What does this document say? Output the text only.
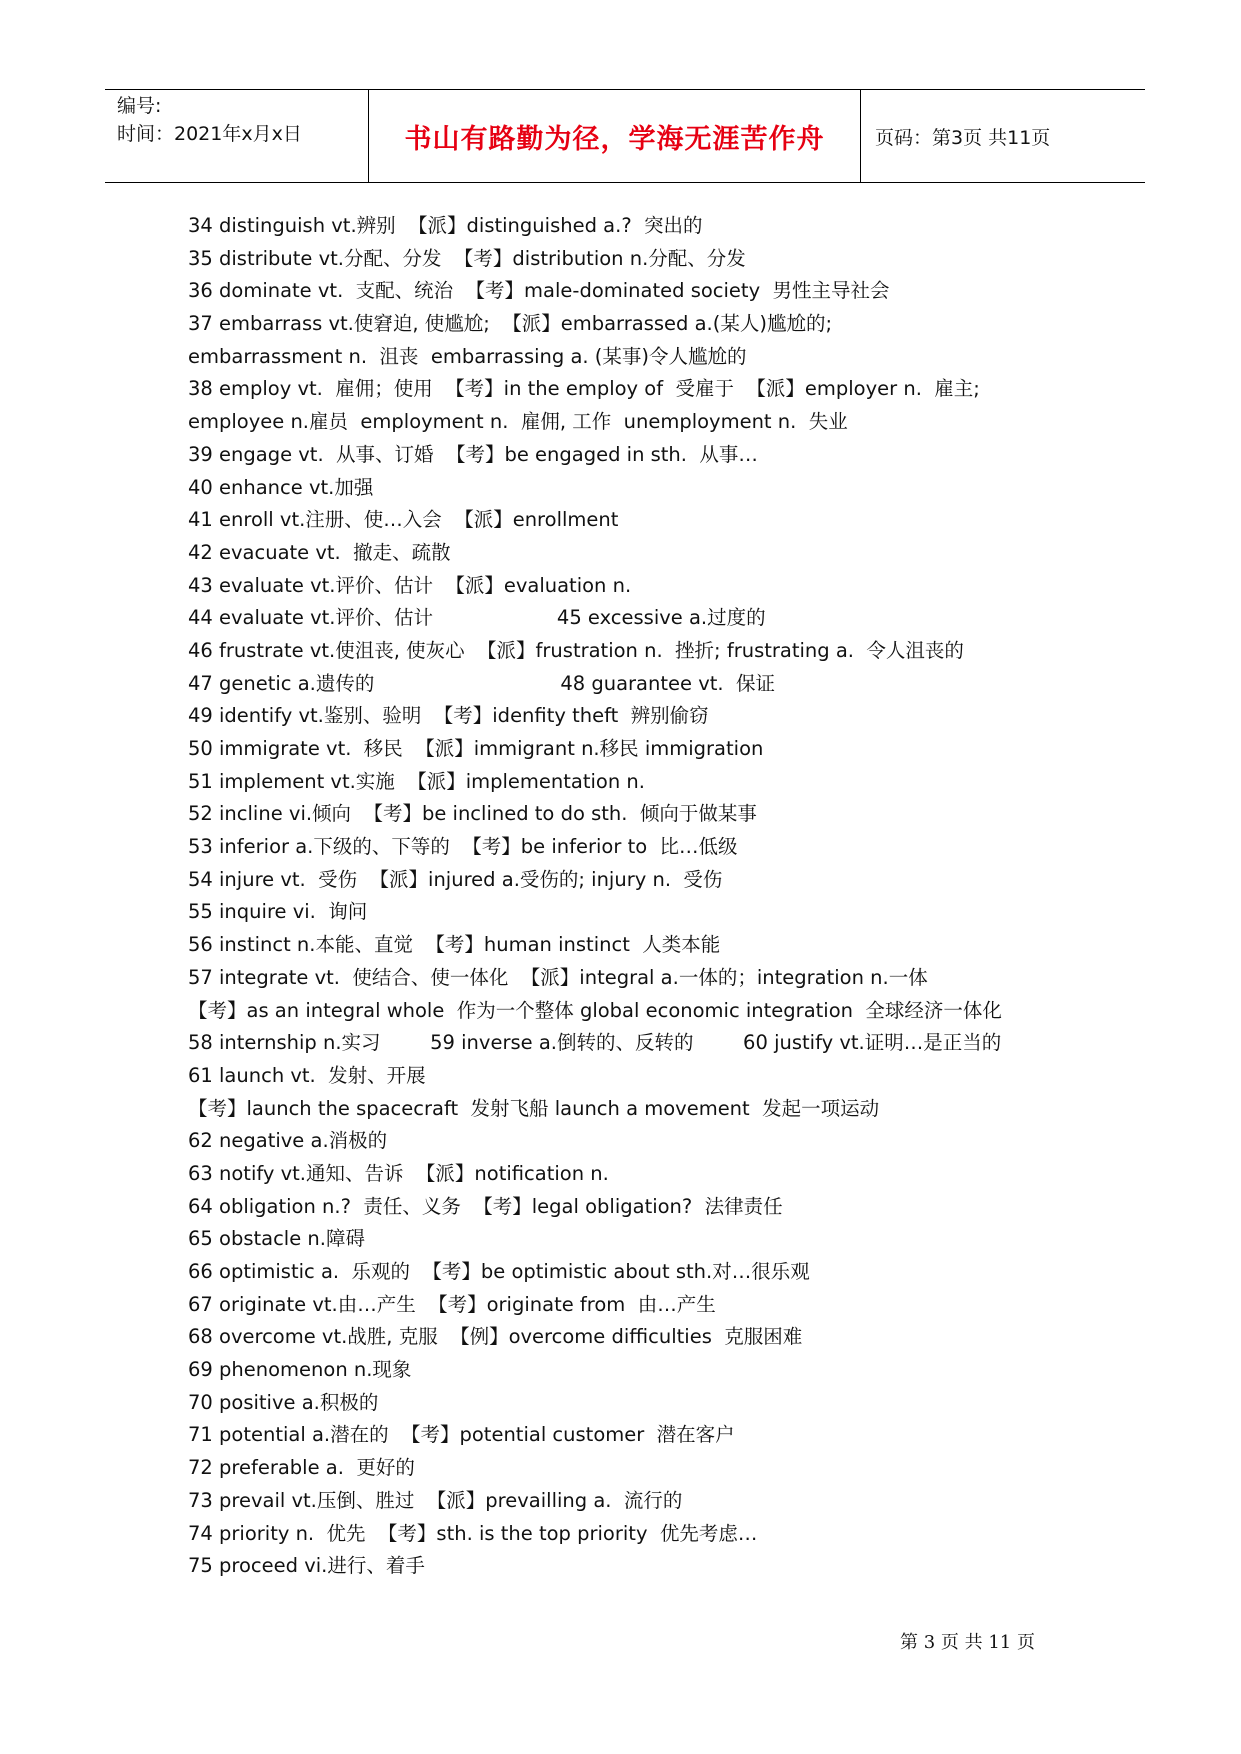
编号:
时间：2021年x月x日	书山有路勤为径，学海无涯苦作舟	页码：第3页 共11页
34 distinguish vt.辨别  【派】distinguished a.?  突出的
35 distribute vt.分配、分发  【考】distribution n.分配、分发
36 dominate vt.  支配、统治  【考】male-dominated society  男性主导社会
37 embarrass vt.使窘迫, 使尴尬;  【派】embarrassed a.(某人)尴尬的;
embarrassment n.  沮丧  embarrassing a. (某事)令人尴尬的
38 employ vt.  雇佣；使用  【考】in the employ of  受雇于  【派】employer n.  雇主;
employee n.雇员  employment n.  雇佣, 工作  unemployment n.  失业
39 engage vt.  从事、订婚  【考】be engaged in sth.  从事…
40 enhance vt.加强
41 enroll vt.注册、使…入会  【派】enrollment
42 evacuate vt.  撤走、疏散
43 evaluate vt.评价、估计  【派】evaluation n.
44 evaluate vt.评价、估计                    45 excessive a.过度的
46 frustrate vt.使沮丧, 使灰心  【派】frustration n.  挫折; frustrating a.  令人沮丧的
47 genetic a.遗传的                              48 guarantee vt.  保证
49 identify vt.鉴别、验明  【考】idenfity theft  辨别偷窃
50 immigrate vt.  移民  【派】immigrant n.移民 immigration
51 implement vt.实施  【派】implementation n.
52 incline vi.倾向  【考】be inclined to do sth.  倾向于做某事
53 inferior a.下级的、下等的  【考】be inferior to  比…低级
54 injure vt.  受伤  【派】injured a.受伤的; injury n.  受伤
55 inquire vi.  询问
56 instinct n.本能、直觉  【考】human instinct  人类本能
57 integrate vt.  使结合、使一体化  【派】integral a.一体的；integration n.一体
【考】as an integral whole  作为一个整体 global economic integration  全球经济一体化
58 internship n.实习        59 inverse a.倒转的、反转的        60 justify vt.证明…是正当的
61 launch vt.  发射、开展
【考】launch the spacecraft  发射飞船 launch a movement  发起一项运动
62 negative a.消极的
63 notify vt.通知、告诉  【派】notification n.
64 obligation n.?  责任、义务  【考】legal obligation?  法律责任
65 obstacle n.障碍
66 optimistic a.  乐观的  【考】be optimistic about sth.对…很乐观
67 originate vt.由…产生  【考】originate from  由…产生
68 overcome vt.战胜, 克服  【例】overcome difficulties  克服困难
69 phenomenon n.现象
70 positive a.积极的
71 potential a.潜在的  【考】potential customer  潜在客户
72 preferable a.  更好的
73 prevail vt.压倒、胜过  【派】prevailling a.  流行的
74 priority n.  优先  【考】sth. is the top priority  优先考虑…
75 proceed vi.进行、着手
第 3 页 共 11 页
